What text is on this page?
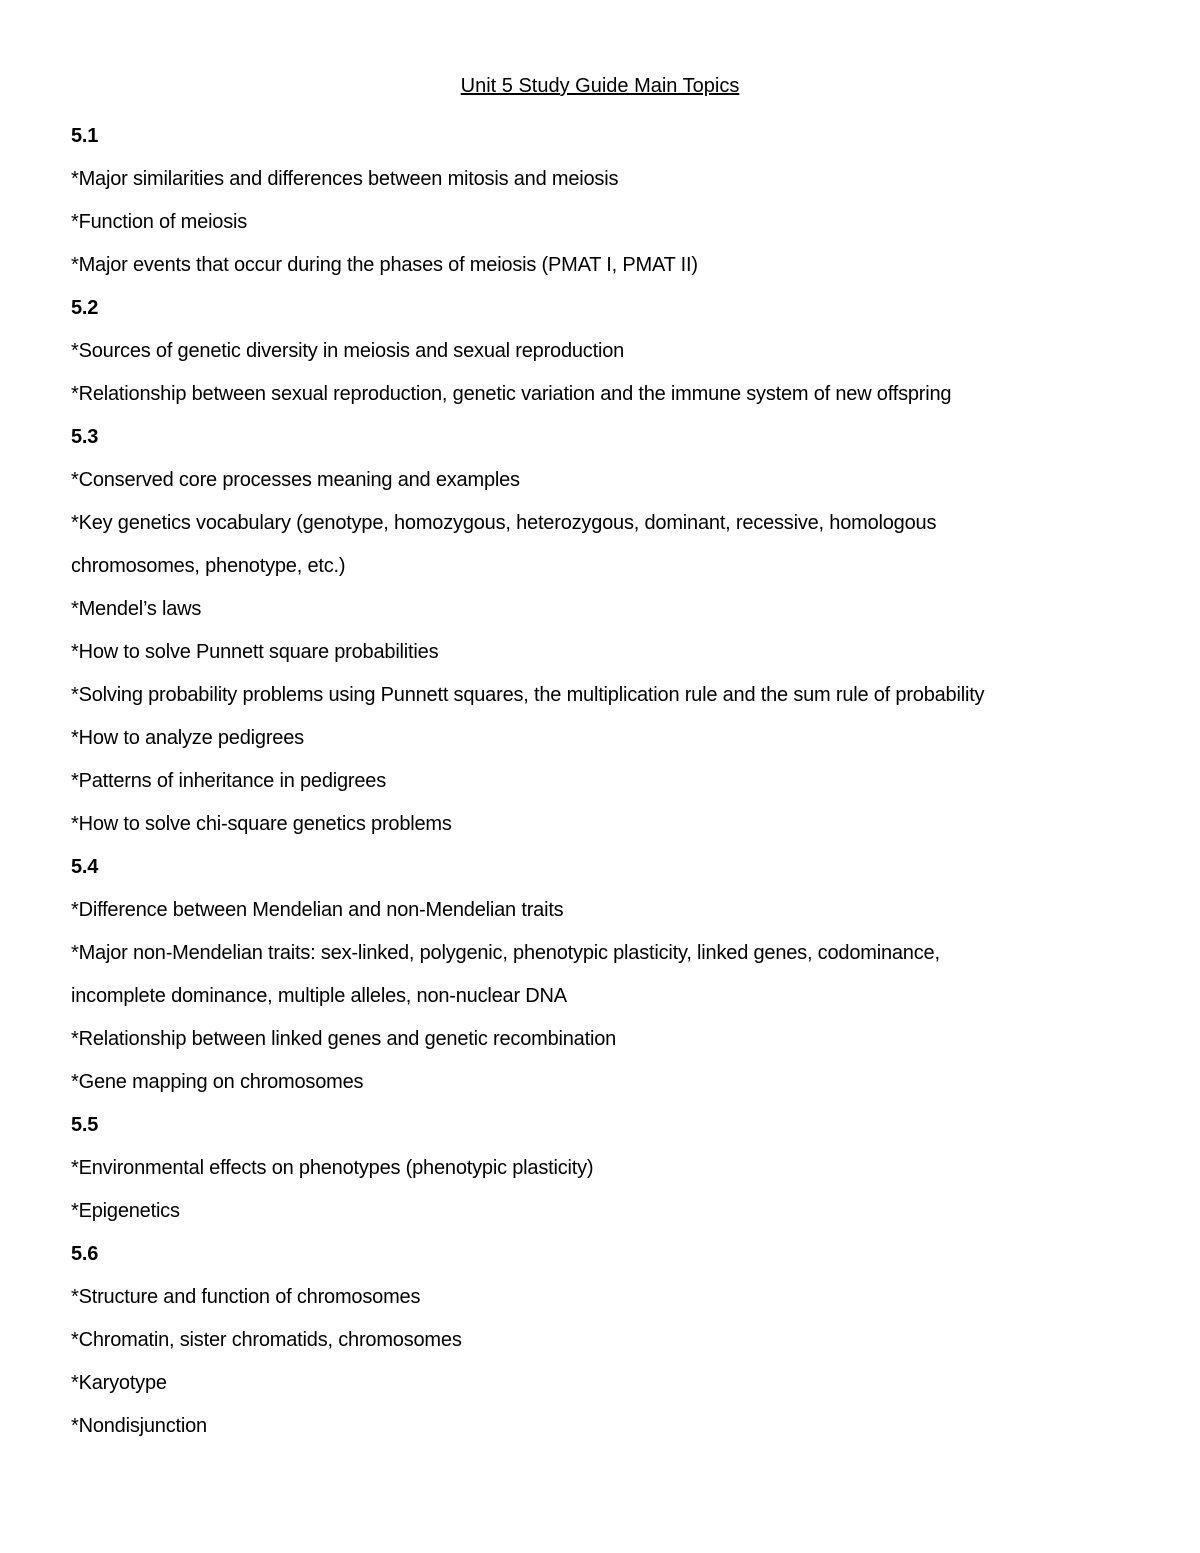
Unit 5 Study Guide Main Topics
5.1
*Major similarities and differences between mitosis and meiosis
*Function of meiosis
*Major events that occur during the phases of meiosis (PMAT I, PMAT II)
5.2
*Sources of genetic diversity in meiosis and sexual reproduction
*Relationship between sexual reproduction, genetic variation and the immune system of new offspring
5.3
*Conserved core processes meaning and examples
*Key genetics vocabulary (genotype, homozygous, heterozygous, dominant, recessive, homologous
chromosomes, phenotype, etc.)
*Mendel’s laws
*How to solve Punnett square probabilities
*Solving probability problems using Punnett squares, the multiplication rule and the sum rule of probability
*How to analyze pedigrees
*Patterns of inheritance in pedigrees
*How to solve chi-square genetics problems
5.4
*Difference between Mendelian and non-Mendelian traits
*Major non-Mendelian traits: sex-linked, polygenic, phenotypic plasticity, linked genes, codominance,
incomplete dominance, multiple alleles, non-nuclear DNA
*Relationship between linked genes and genetic recombination
*Gene mapping on chromosomes
5.5
*Environmental effects on phenotypes (phenotypic plasticity)
*Epigenetics
5.6
*Structure and function of chromosomes
*Chromatin, sister chromatids, chromosomes
*Karyotype
*Nondisjunction
